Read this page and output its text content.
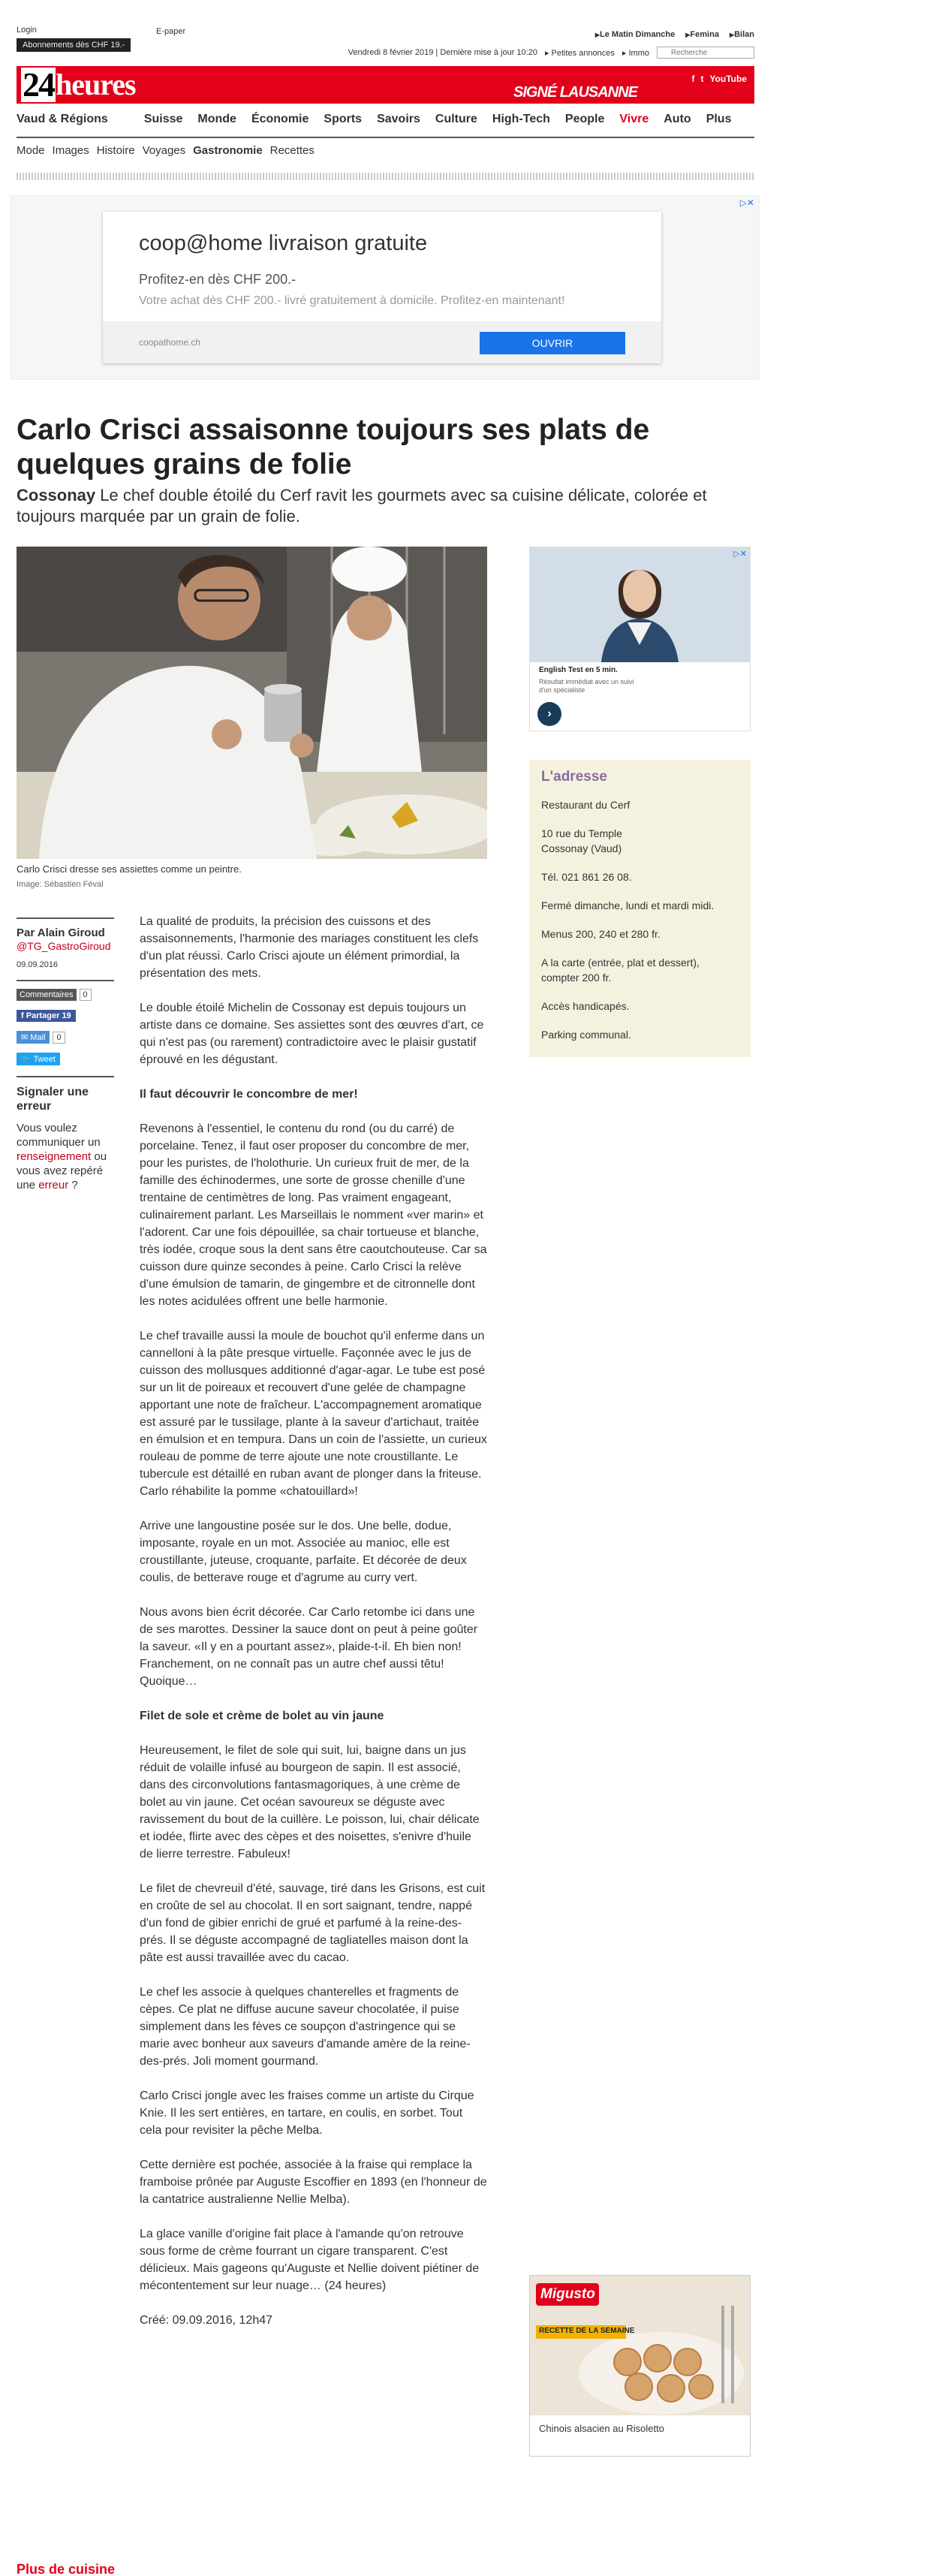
Login
Abonnements dès CHF 19.-
E-paper	▶ Le Matin Dimanche	▶ Femina	▶ Bilan
Vendredi 8 février 2019 | Dernière mise à jour 10:20 ▸ Petites annonces ▸ Immo
Recherche
24 heures	SIGNÉ LAUSANNE
f t YouTube
Vaud & Régions	Suisse Monde Économie Sports Savoirs Culture High-Tech People Vivre Auto Plus
Mode Images Histoire Voyages Gastronomie Recettes
▷✕
coop@home livraison gratuite
Profitez-en dès CHF 200.-
Votre achat dès CHF 200.- livré gratuitement à domicile. Profitez-en maintenant!
coopathome.ch	OUVRIR
Carlo Crisci assaisonne toujours ses plats de quelques grains de folie
Cossonay Le chef double étoilé du Cerf ravit les gourmets avec sa cuisine délicate, colorée et toujours marquée par un grain de folie.
Carlo Crisci dresse ses assiettes comme un peintre.
Image: Sébastien Féval
Par Alain Giroud
@TG_GastroGiroud
09.09.2016
Commentaires	0
f Partager 19
✉ Mail	0
🐦 Tweet
Signaler une erreur
Vous voulez communiquer un renseignement ou vous avez repéré une erreur ?

La qualité de produits, la précision des cuissons et des assaisonnements, l'harmonie des mariages constituent les clefs d'un plat réussi. Carlo Crisci ajoute un élément primordial, la présentation des mets.

Le double étoilé Michelin de Cossonay est depuis toujours un artiste dans ce domaine. Ses assiettes sont des œuvres d'art, ce qui n'est pas (ou rarement) contradictoire avec le plaisir gustatif éprouvé en les dégustant.

Il faut découvrir le concombre de mer!

Revenons à l'essentiel, le contenu du rond (ou du carré) de porcelaine. Tenez, il faut oser proposer du concombre de mer, pour les puristes, de l'holothurie. Un curieux fruit de mer, de la famille des échinodermes, une sorte de grosse chenille d'une trentaine de centimètres de long. Pas vraiment engageant, culinairement parlant. Les Marseillais le nomment «ver marin» et l'adorent. Car une fois dépouillée, sa chair tortueuse et blanche, très iodée, croque sous la dent sans être caoutchouteuse. Car sa cuisson dure quinze secondes à peine. Carlo Crisci la relève d'une émulsion de tamarin, de gingembre et de citronnelle dont les notes acidulées offrent une belle harmonie.

Le chef travaille aussi la moule de bouchot qu'il enferme dans un cannelloni à la pâte presque virtuelle. Façonnée avec le jus de cuisson des mollusques additionné d'agar-agar. Le tube est posé sur un lit de poireaux et recouvert d'une gelée de champagne apportant une note de fraîcheur. L'accompagnement aromatique est assuré par le tussilage, plante à la saveur d'artichaut, traitée en émulsion et en tempura. Dans un coin de l'assiette, un curieux rouleau de pomme de terre ajoute une note croustillante. Le tubercule est détaillé en ruban avant de plonger dans la friteuse. Carlo réhabilite la pomme «chatouillard»!

Arrive une langoustine posée sur le dos. Une belle, dodue, imposante, royale en un mot. Associée au manioc, elle est croustillante, juteuse, croquante, parfaite. Et décorée de deux coulis, de betterave rouge et d'agrume au curry vert.

Nous avons bien écrit décorée. Car Carlo retombe ici dans une de ses marottes. Dessiner la sauce dont on peut à peine goûter la saveur. «Il y en a pourtant assez», plaide-t-il. Eh bien non! Franchement, on ne connaît pas un autre chef aussi têtu! Quoique…

Filet de sole et crème de bolet au vin jaune

Heureusement, le filet de sole qui suit, lui, baigne dans un jus réduit de volaille infusé au bourgeon de sapin. Il est associé, dans des circonvolutions fantasmagoriques, à une crème de bolet au vin jaune. Cet océan savoureux se déguste avec ravissement du bout de la cuillère. Le poisson, lui, chair délicate et iodée, flirte avec des cèpes et des noisettes, s'enivre d'huile de lierre terrestre. Fabuleux!

Le filet de chevreuil d'été, sauvage, tiré dans les Grisons, est cuit en croûte de sel au chocolat. Il en sort saignant, tendre, nappé d'un fond de gibier enrichi de grué et parfumé à la reine-des-prés. Il se déguste accompagné de tagliatelles maison dont la pâte est aussi travaillée avec du cacao.

Le chef les associe à quelques chanterelles et fragments de cèpes. Ce plat ne diffuse aucune saveur chocolatée, il puise simplement dans les fèves ce soupçon d'astringence qui se marie avec bonheur aux saveurs d'amande amère de la reine-des-prés. Joli moment gourmand.

Carlo Crisci jongle avec les fraises comme un artiste du Cirque Knie. Il les sert entières, en tartare, en coulis, en sorbet. Tout cela pour revisiter la pêche Melba.

Cette dernière est pochée, associée à la fraise qui remplace la framboise prônée par Auguste Escoffier en 1893 (en l'honneur de la cantatrice australienne Nellie Melba).

La glace vanille d'origine fait place à l'amande qu'on retrouve sous forme de crème fourrant un cigare transparent. C'est délicieux. Mais gageons qu'Auguste et Nellie doivent piétiner de mécontentement sur leur nuage… (24 heures)

Créé: 09.09.2016, 12h47

▷✕
English Test en 5 min.
Résultat immédiat avec un suivi d'un spécialiste
›
L'adresse

Restaurant du Cerf

10 rue du Temple
Cossonay (Vaud)

Tél. 021 861 26 08.

Fermé dimanche, lundi et mardi midi.

Menus 200, 240 et 280 fr.

A la carte (entrée, plat et dessert), compter 200 fr.

Accès handicapés.

Parking communal.

Migusto
RECETTE DE LA SEMAINE
Chinois alsacien au Risoletto
Plus de cuisine
